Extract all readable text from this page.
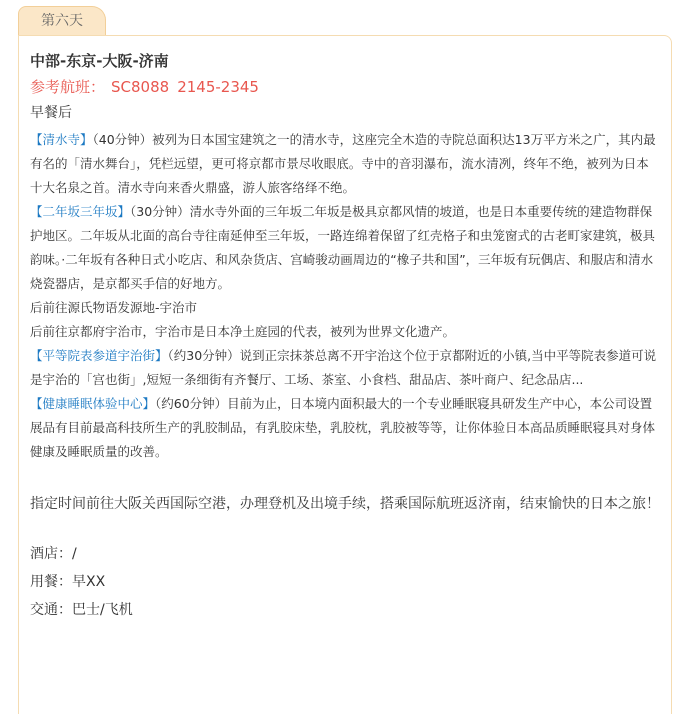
第六天
中部-东京-大阪-济南
参考航班： SC8088 2145-2345
早餐后

【清水寺】（40分钟）被列为日本国宝建筑之一的清水寺，这座完全木造的寺院总面积达13万平方米之广，其内最有名的「清水舞台」，凭栏远望，更可将京都市景尽收眼底。寺中的音羽瀑布，流水清冽，终年不绝，被列为日本十大名泉之首。清水寺向来香火鼎盛，游人旅客络绎不绝。

【二年坂三年坂】（30分钟）清水寺外面的三年坂二年坂是极具京都风情的坡道，也是日本重要传统的建造物群保护地区。二年坂从北面的高台寺往南延伸至三年坂，一路连绵着保留了红壳格子和虫笼窗式的古老町家建筑，极具韵味。·二年坂有各种日式小吃店、和风杂货店、宫崎骏动画周边的“橡子共和国”，三年坂有玩偶店、和服店和清水烧瓷器店，是京都买手信的好地方。

后前往源氏物语发源地-宇治市

后前往京都府宇治市，宇治市是日本净土庭园的代表，被列为世界文化遗产。

【平等院表参道宇治街】（约30分钟）说到正宗抹茶总离不开宇治这个位于京都附近的小镇,当中平等院表参道可说是宇治的「宫也街」,短短一条细街有齐餐厅、工场、茶室、小食档、甜品店、茶叶商户、纪念品店...

【健康睡眠体验中心】（约60分钟）目前为止，日本境内面积最大的一个专业睡眠寝具研发生产中心，本公司设置展品有目前最高科技所生产的乳胶制品，有乳胶床垫，乳胶枕，乳胶被等等，让你体验日本高品质睡眠寝具对身体健康及睡眠质量的改善。

指定时间前往大阪关西国际空港，办理登机及出境手续，搭乘国际航班返济南，结束愉快的日本之旅！

酒店：/

用餐：早XX

交通：巴士/飞机
